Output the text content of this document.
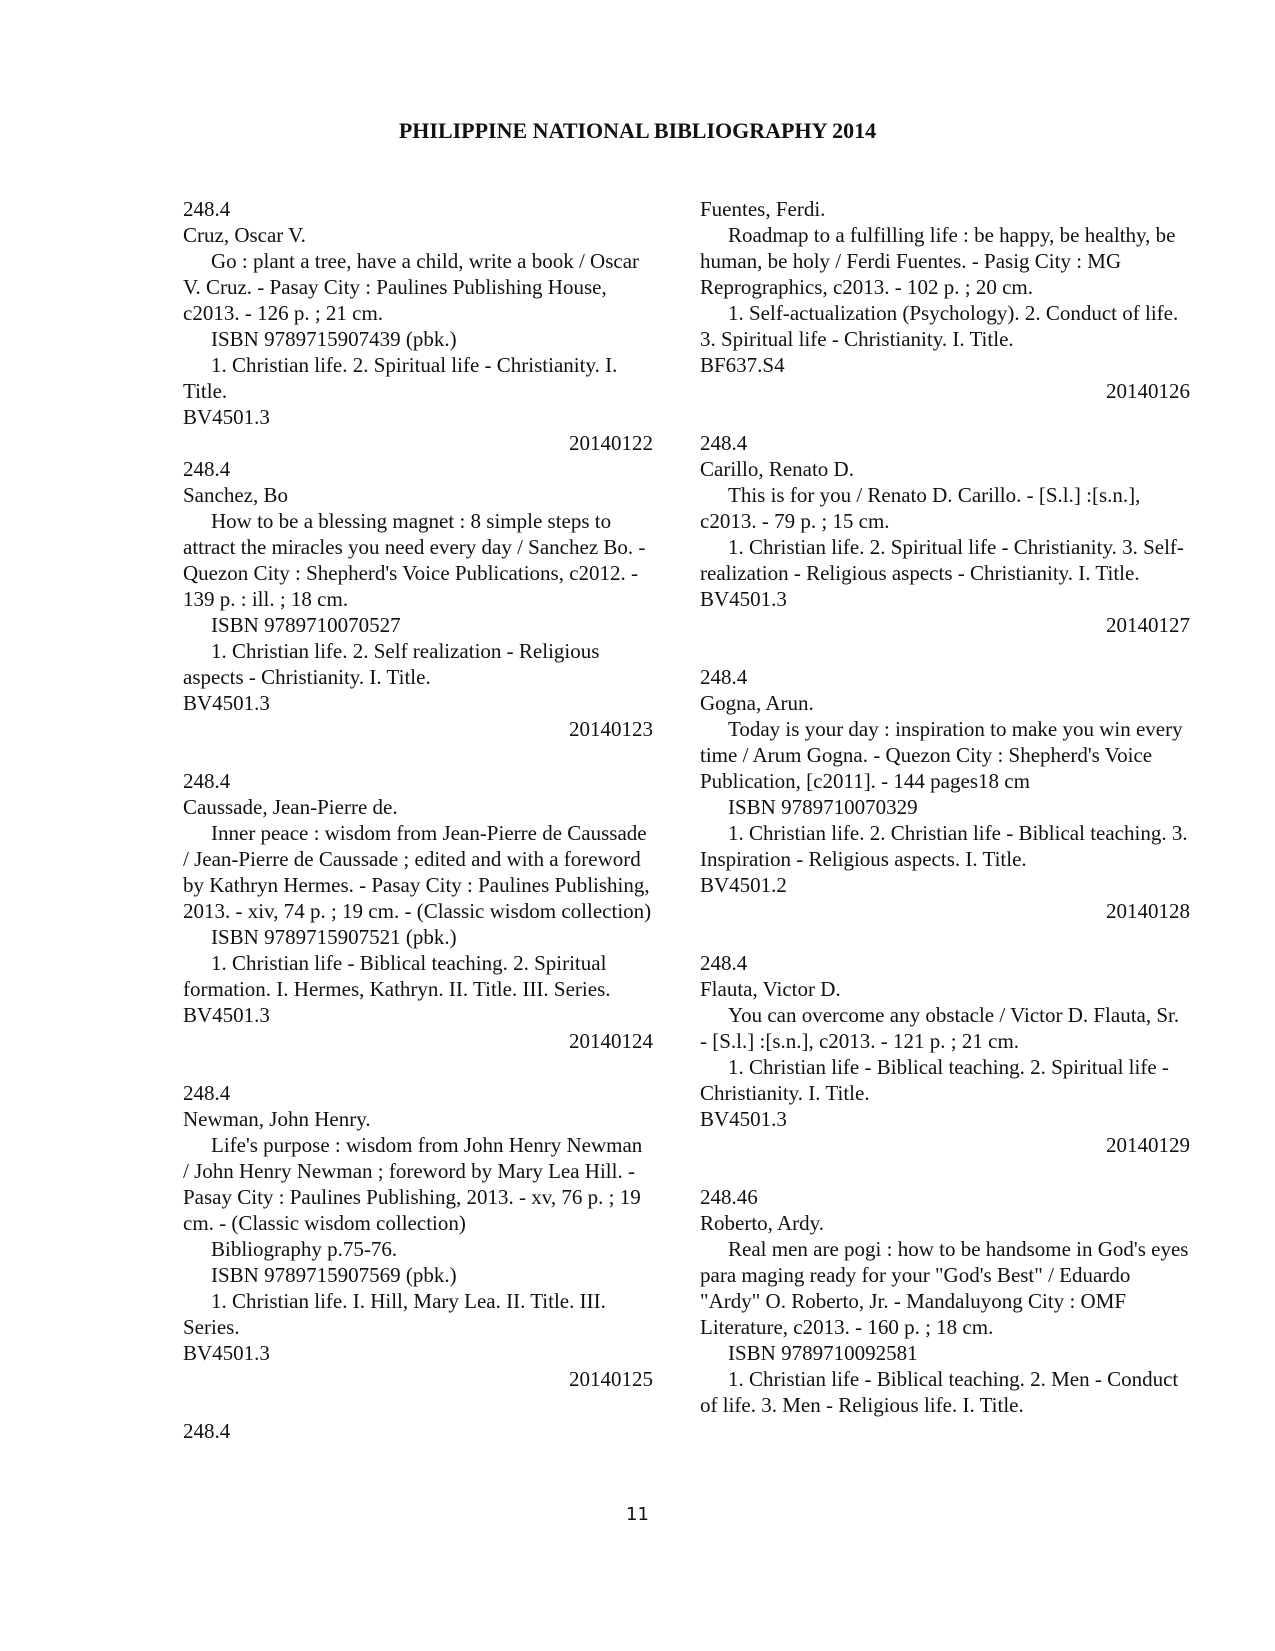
PHILIPPINE NATIONAL BIBLIOGRAPHY 2014

248.4

Cruz, Oscar V.

Go : plant a tree, have a child, write a book / Oscar V. Cruz. - Pasay City : Paulines Publishing House, c2013. - 126 p. ; 21 cm.

ISBN 9789715907439 (pbk.)

1. Christian life. 2. Spiritual life - Christianity. I. Title.

BV4501.3

20140122

248.4

Sanchez, Bo

How to be a blessing magnet : 8 simple steps to attract the miracles you need every day / Sanchez Bo. - Quezon City : Shepherd's Voice Publications, c2012. - 139 p. : ill. ; 18 cm.

ISBN 9789710070527

1. Christian life. 2. Self realization - Religious aspects - Christianity. I. Title.

BV4501.3

20140123

248.4

Caussade, Jean-Pierre de.

Inner peace : wisdom from Jean-Pierre de Caussade / Jean-Pierre de Caussade ; edited and with a foreword by Kathryn Hermes. - Pasay City : Paulines Publishing, 2013. - xiv, 74 p. ; 19 cm. - (Classic wisdom collection)

ISBN 9789715907521 (pbk.)

1. Christian life - Biblical teaching. 2. Spiritual formation. I. Hermes, Kathryn. II. Title. III. Series.

BV4501.3

20140124

248.4

Newman, John Henry.

Life's purpose : wisdom from John Henry Newman / John Henry Newman ; foreword by Mary Lea Hill. - Pasay City : Paulines Publishing, 2013. - xv, 76 p. ; 19 cm. - (Classic wisdom collection)

Bibliography p.75-76.

ISBN 9789715907569 (pbk.)

1. Christian life. I. Hill, Mary Lea. II. Title. III. Series.

BV4501.3

20140125

248.4

Fuentes, Ferdi.

Roadmap to a fulfilling life : be happy, be healthy, be human, be holy / Ferdi Fuentes. - Pasig City : MG Reprographics, c2013. - 102 p. ; 20 cm.

1. Self-actualization (Psychology). 2. Conduct of life. 3. Spiritual life - Christianity. I. Title.

BF637.S4

20140126

248.4

Carillo, Renato D.

This is for you / Renato D. Carillo. - [S.l.] :[s.n.], c2013. - 79 p. ; 15 cm.

1. Christian life. 2. Spiritual life - Christianity. 3. Self-realization - Religious aspects - Christianity. I. Title.

BV4501.3

20140127

248.4

Gogna, Arun.

Today is your day : inspiration to make you win every time / Arum Gogna. - Quezon City : Shepherd's Voice Publication, [c2011]. - 144 pages18 cm

ISBN 9789710070329

1. Christian life. 2. Christian life - Biblical teaching. 3. Inspiration - Religious aspects. I. Title.

BV4501.2

20140128

248.4

Flauta, Victor D.

You can overcome any obstacle / Victor D. Flauta, Sr. - [S.l.] :[s.n.], c2013. - 121 p. ; 21 cm.

1. Christian life - Biblical teaching. 2. Spiritual life - Christianity. I. Title.

BV4501.3

20140129

248.46

Roberto, Ardy.

Real men are pogi : how to be handsome in God's eyes para maging ready for your "God's Best" / Eduardo "Ardy" O. Roberto, Jr. - Mandaluyong City : OMF Literature, c2013. - 160 p. ; 18 cm.

ISBN 9789710092581

1. Christian life - Biblical teaching. 2. Men - Conduct of life. 3. Men - Religious life. I. Title.

11
